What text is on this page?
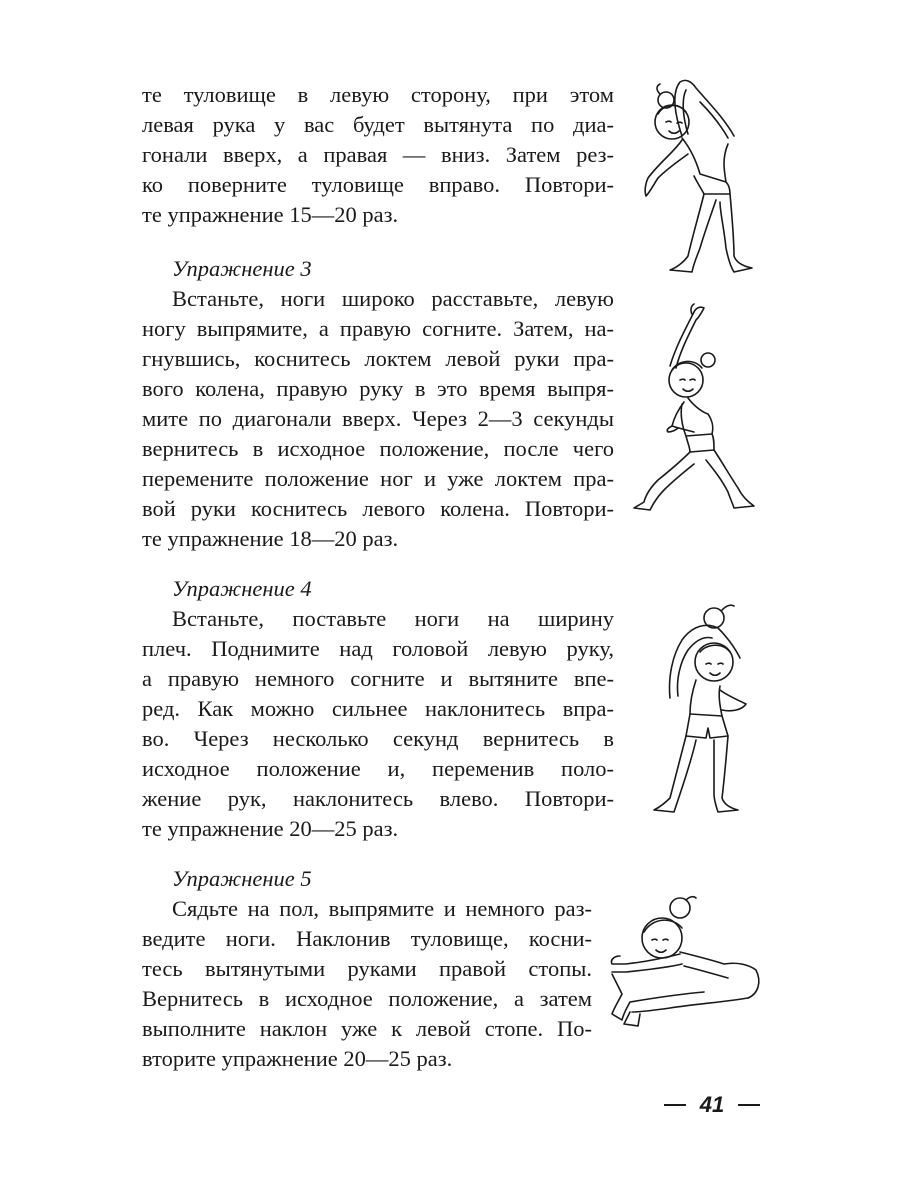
те туловище в левую сторону, при этом
левая рука у вас будет вытянута по диа-
гонали вверх, а правая — вниз. Затем рез-
ко поверните туловище вправо. Повтори-
те упражнение 15—20 раз.
Упражнение 3
Встаньте, ноги широко расставьте, левую
ногу выпрямите, а правую согните. Затем, на-
гнувшись, коснитесь локтем левой руки пра-
вого колена, правую руку в это время выпря-
мите по диагонали вверх. Через 2—3 секунды
вернитесь в исходное положение, после чего
перемените положение ног и уже локтем пра-
вой руки коснитесь левого колена. Повтори-
те упражнение 18—20 раз.
Упражнение 4
Встаньте, поставьте ноги на ширину
плеч. Поднимите над головой левую руку,
а правую немного согните и вытяните впе-
ред. Как можно сильнее наклонитесь впра-
во. Через несколько секунд вернитесь в
исходное положение и, переменив поло-
жение рук, наклонитесь влево. Повтори-
те упражнение 20—25 раз.
Упражнение 5
Сядьте на пол, выпрямите и немного раз-
ведите ноги. Наклонив туловище, косни-
тесь вытянутыми руками правой стопы.
Вернитесь в исходное положение, а затем
выполните наклон уже к левой стопе. По-
вторите упражнение 20—25 раз.
41
